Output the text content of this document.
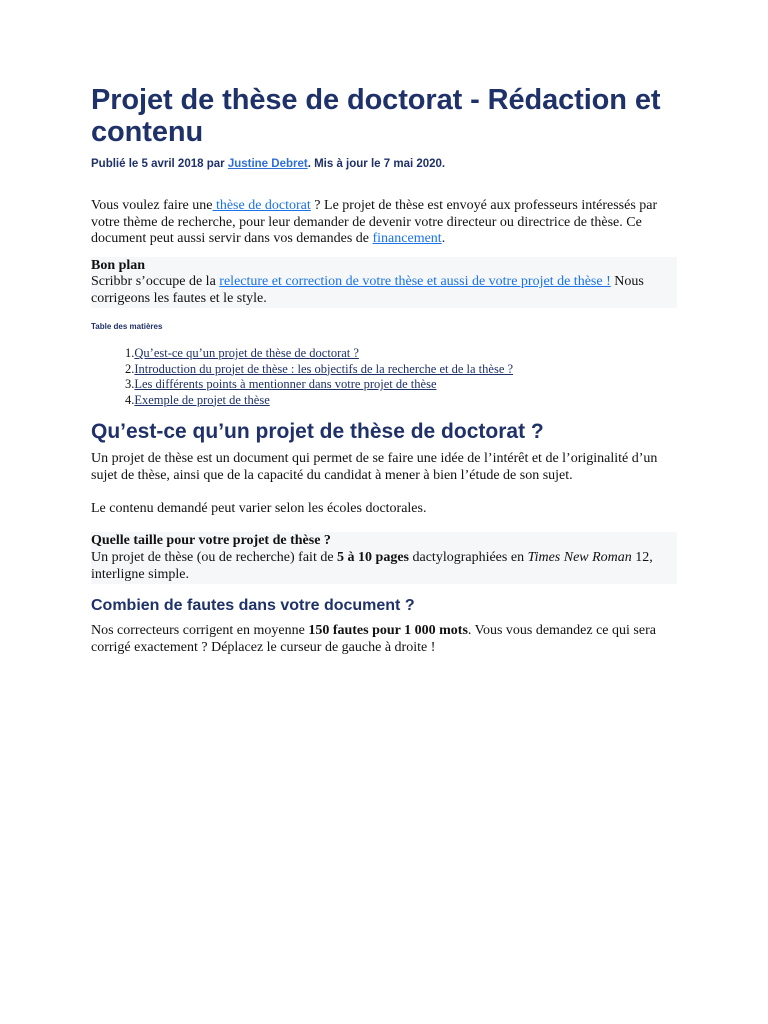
Projet de thèse de doctorat - Rédaction et contenu
Publié le 5 avril 2018 par Justine Debret. Mis à jour le 7 mai 2020.
Vous voulez faire une thèse de doctorat ? Le projet de thèse est envoyé aux professeurs intéressés par votre thème de recherche, pour leur demander de devenir votre directeur ou directrice de thèse. Ce document peut aussi servir dans vos demandes de financement.
Bon plan
Scribbr s’occupe de la relecture et correction de votre thèse et aussi de votre projet de thèse ! Nous corrigeons les fautes et le style.
Table des matières
1. Qu’est-ce qu’un projet de thèse de doctorat ?
2. Introduction du projet de thèse : les objectifs de la recherche et de la thèse ?
3. Les différents points à mentionner dans votre projet de thèse
4. Exemple de projet de thèse
Qu’est-ce qu’un projet de thèse de doctorat ?
Un projet de thèse est un document qui permet de se faire une idée de l’intérêt et de l’originalité d’un sujet de thèse, ainsi que de la capacité du candidat à mener à bien l’étude de son sujet.
Le contenu demandé peut varier selon les écoles doctorales.
Quelle taille pour votre projet de thèse ?
Un projet de thèse (ou de recherche) fait de 5 à 10 pages dactylographiées en Times New Roman 12, interligne simple.
Combien de fautes dans votre document ?
Nos correcteurs corrigent en moyenne 150 fautes pour 1 000 mots. Vous vous demandez ce qui sera corrigé exactement ? Déplacez le curseur de gauche à droite !
